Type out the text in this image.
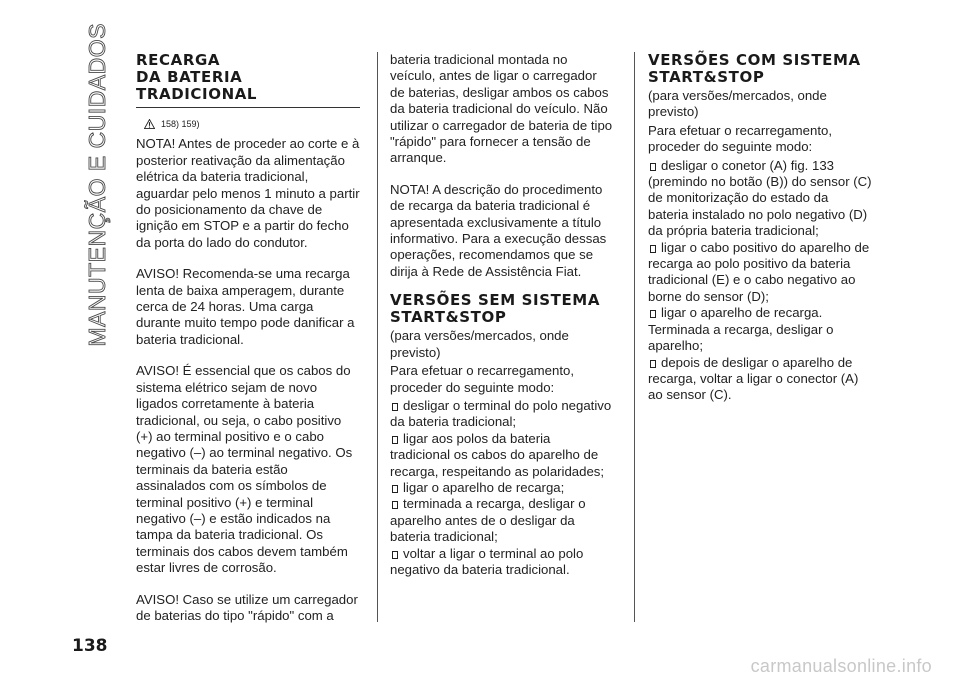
MANUTENÇÃO E CUIDADOS RECARGA
DA BATERIA
TRADICIONAL
158) 159)

NOTA! Antes de proceder ao corte e à posterior reativação da alimentação elétrica da bateria tradicional, aguardar pelo menos 1 minuto a partir do posicionamento da chave de ignição em STOP e a partir do fecho da porta do lado do condutor.

AVISO! Recomenda-se uma recarga lenta de baixa amperagem, durante cerca de 24 horas. Uma carga durante muito tempo pode danificar a bateria tradicional.

AVISO! É essencial que os cabos do sistema elétrico sejam de novo ligados corretamente à bateria tradicional, ou seja, o cabo positivo (+) ao terminal positivo e o cabo negativo (–) ao terminal negativo. Os terminais da bateria estão assinalados com os símbolos de terminal positivo (+) e terminal negativo (–) e estão indicados na tampa da bateria tradicional. Os terminais dos cabos devem também estar livres de corrosão.

AVISO! Caso se utilize um carregador de baterias do tipo "rápido" com a

bateria tradicional montada no veículo, antes de ligar o carregador de baterias, desligar ambos os cabos da bateria tradicional do veículo. Não utilizar o carregador de bateria de tipo "rápido" para fornecer a tensão de arranque.

NOTA! A descrição do procedimento de recarga da bateria tradicional é apresentada exclusivamente a título informativo. Para a execução dessas operações, recomendamos que se dirija à Rede de Assistência Fiat.

VERSÕES SEM SISTEMA
START&STOP

(para versões/mercados, onde previsto)

Para efetuar o recarregamento, proceder do seguinte modo:

desligar o terminal do polo negativo da bateria tradicional;
ligar aos polos da bateria tradicional os cabos do aparelho de recarga, respeitando as polaridades;
ligar o aparelho de recarga;
terminada a recarga, desligar o aparelho antes de o desligar da bateria tradicional;
voltar a ligar o terminal ao polo negativo da bateria tradicional.
VERSÕES COM SISTEMA
START&STOP

(para versões/mercados, onde previsto)

Para efetuar o recarregamento, proceder do seguinte modo:

desligar o conetor (A) fig. 133 (premindo no botão (B)) do sensor (C) de monitorização do estado da bateria instalado no polo negativo (D) da própria bateria tradicional;
ligar o cabo positivo do aparelho de recarga ao polo positivo da bateria tradicional (E) e o cabo negativo ao borne do sensor (D);
ligar o aparelho de recarga. Terminada a recarga, desligar o aparelho;
depois de desligar o aparelho de recarga, voltar a ligar o conector (A) ao sensor (C).
138
carmanualsonline.info
